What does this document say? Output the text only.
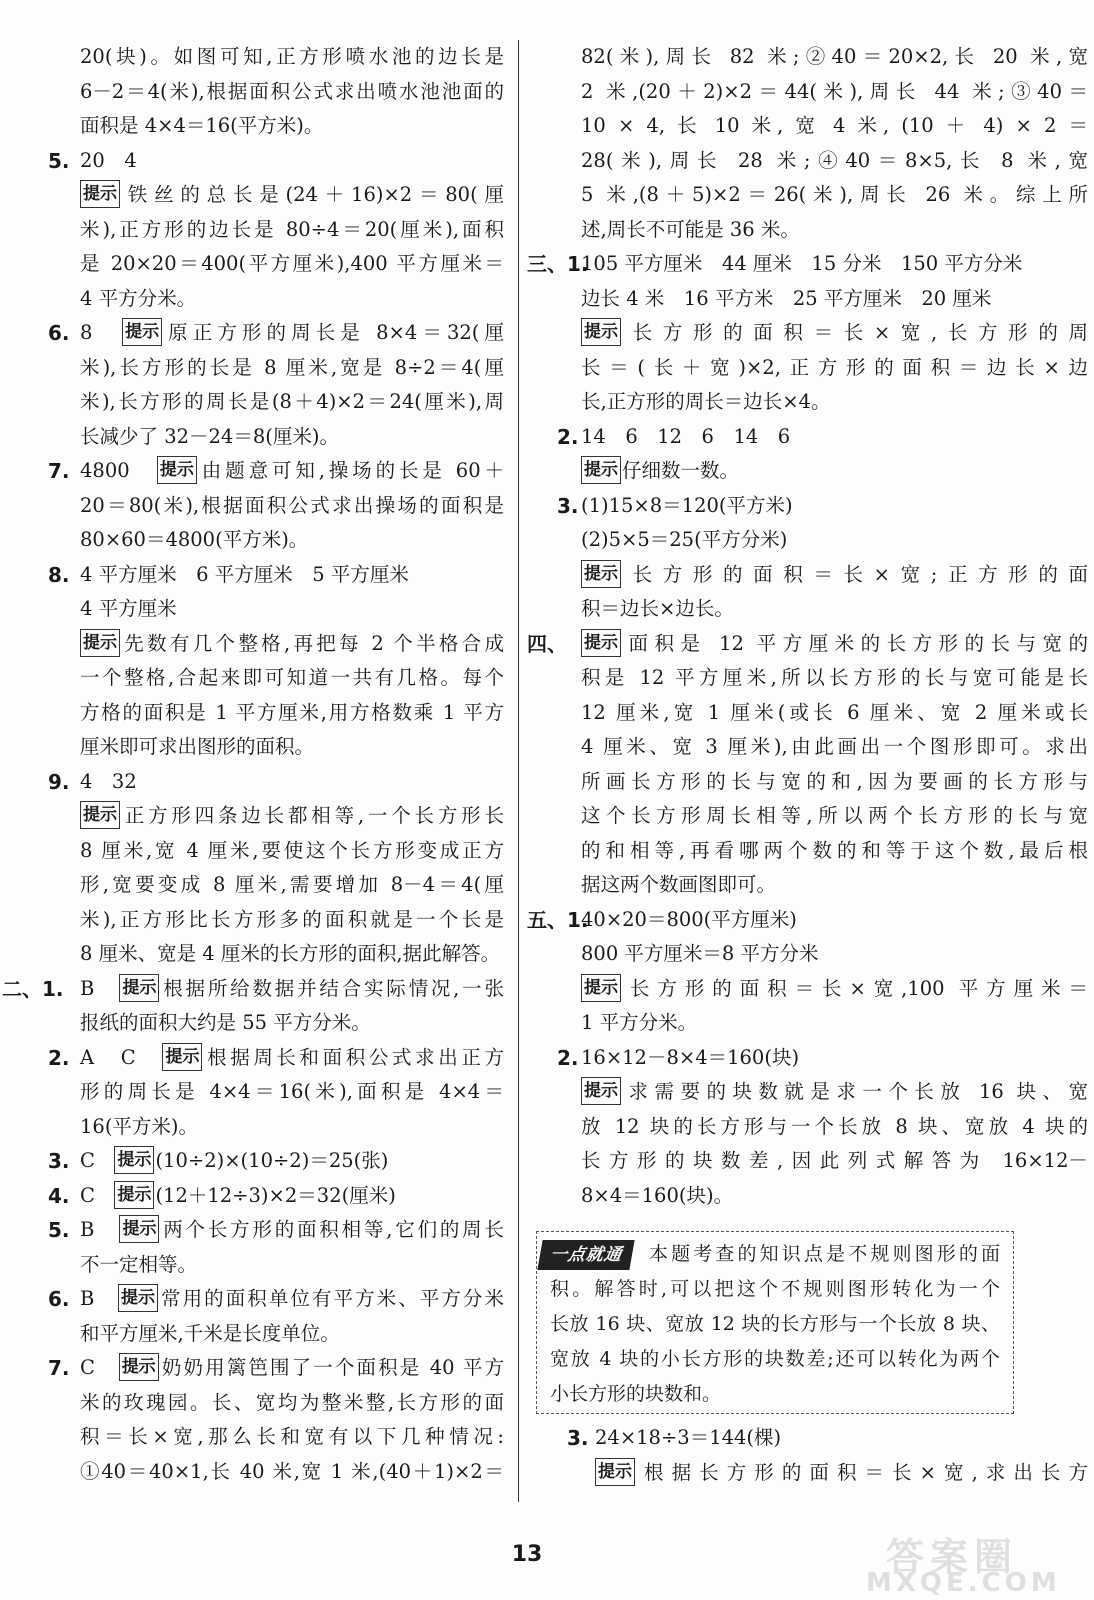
20(块)。如图可知,正方形喷水池的边长是
6－2＝4(米),根据面积公式求出喷水池池面的
面积是 4×4＝16(平方米)。
5. 20　4
提示 铁丝的总长是(24＋16)×2＝80(厘
米),正方形的边长是 80÷4＝20(厘米),面积
是 20×20＝400(平方厘米),400 平方厘米＝
4 平方分米。
6. 8　 提示 原正方形的周长是 8×4＝32(厘
米),长方形的长是 8 厘米,宽是 8÷2＝4(厘
米),长方形的周长是(8＋4)×2＝24(厘米),周
长减少了 32－24＝8(厘米)。
7. 4800　 提示 由题意可知,操场的长是 60＋
20＝80(米),根据面积公式求出操场的面积是
80×60＝4800(平方米)。
8. 4 平方厘米　6 平方厘米　5 平方厘米
4 平方厘米
提示 先数有几个整格,再把每 2 个半格合成
一个整格,合起来即可知道一共有几格。每个
方格的面积是 1 平方厘米,用方格数乘 1 平方
厘米即可求出图形的面积。
9. 4　32
提示 正方形四条边长都相等,一个长方形长
8 厘米,宽 4 厘米,要使这个长方形变成正方
形,宽要变成 8 厘米,需要增加 8－4＝4(厘
米),正方形比长方形多的面积就是一个长是
8 厘米、宽是 4 厘米的长方形的面积,据此解答。
二、1. B　 提示 根据所给数据并结合实际情况,一张
报纸的面积大约是 55 平方分米。
2. A　C　 提示 根据周长和面积公式求出正方
形的周长是 4×4＝16(米),面积是 4×4＝
16(平方米)。
3. C　 提示 (10÷2)×(10÷2)＝25(张)
4. C　 提示 (12＋12÷3)×2＝32(厘米)
5. B　 提示 两个长方形的面积相等,它们的周长
不一定相等。
6. B　 提示 常用的面积单位有平方米、平方分米
和平方厘米,千米是长度单位。
7. C　 提示 奶奶用篱笆围了一个面积是 40 平方
米的玫瑰园。长、宽均为整米整,长方形的面
积＝长×宽,那么长和宽有以下几种情况:
①40＝40×1,长 40 米,宽 1 米,(40＋1)×2＝
82(米),周长 82 米;②40＝20×2,长 20 米,宽
2 米,(20＋2)×2＝44(米),周长 44 米;③40＝
10 × 4, 长 10 米, 宽 4 米, (10 ＋ 4) × 2 ＝
28(米),周长 28 米;④40＝8×5,长 8 米,宽
5 米,(8＋5)×2＝26(米),周长 26 米。综上所
述,周长不可能是 36 米。
三、1.
105 平方厘米　44 厘米　15 分米　150 平方分米
边长 4 米　16 平方米　25 平方厘米　20 厘米
提示 长方形的面积＝长×宽,长方形的周
长＝(长＋宽)×2,正方形的面积＝边长×边
长,正方形的周长＝边长×4。
2. 14　6　12　6　14　6
提示 仔细数一数。
3. (1)15×8＝120(平方米)
(2)5×5＝25(平方分米)
提示 长方形的面积＝长×宽;正方形的面
积＝边长×边长。
四、 提示 面积是 12 平方厘米的长方形的长与宽的
积是 12 平方厘米,所以长方形的长与宽可能是长
12 厘米,宽 1 厘米(或长 6 厘米、宽 2 厘米或长
4 厘米、宽 3 厘米),由此画出一个图形即可。求出
所画长方形的长与宽的和,因为要画的长方形与
这个长方形周长相等,所以两个长方形的长与宽
的和相等,再看哪两个数的和等于这个数,最后根
据这两个数画图即可。
五、1.
40×20＝800(平方厘米)
800 平方厘米＝8 平方分米
提示 长方形的面积＝长×宽,100 平方厘米＝
1 平方分米。
2. 16×12－8×4＝160(块)
提示 求需要的块数就是求一个长放 16 块、宽
放 12 块的长方形与一个长放 8 块、宽放 4 块的
长方形的块数差,因此列式解答为 16×12－
8×4＝160(块)。
一点就通	本题考查的知识点是不规则图形的面
积。解答时,可以把这个不规则图形转化为一个
长放 16 块、宽放 12 块的长方形与一个长放 8 块、
宽放 4 块的小长方形的块数差;还可以转化为两个
小长方形的块数和。
3. 24×18÷3＝144(棵)
提示 根据长方形的面积＝长×宽,求出长方
13	答案圈
MXQE.COM
